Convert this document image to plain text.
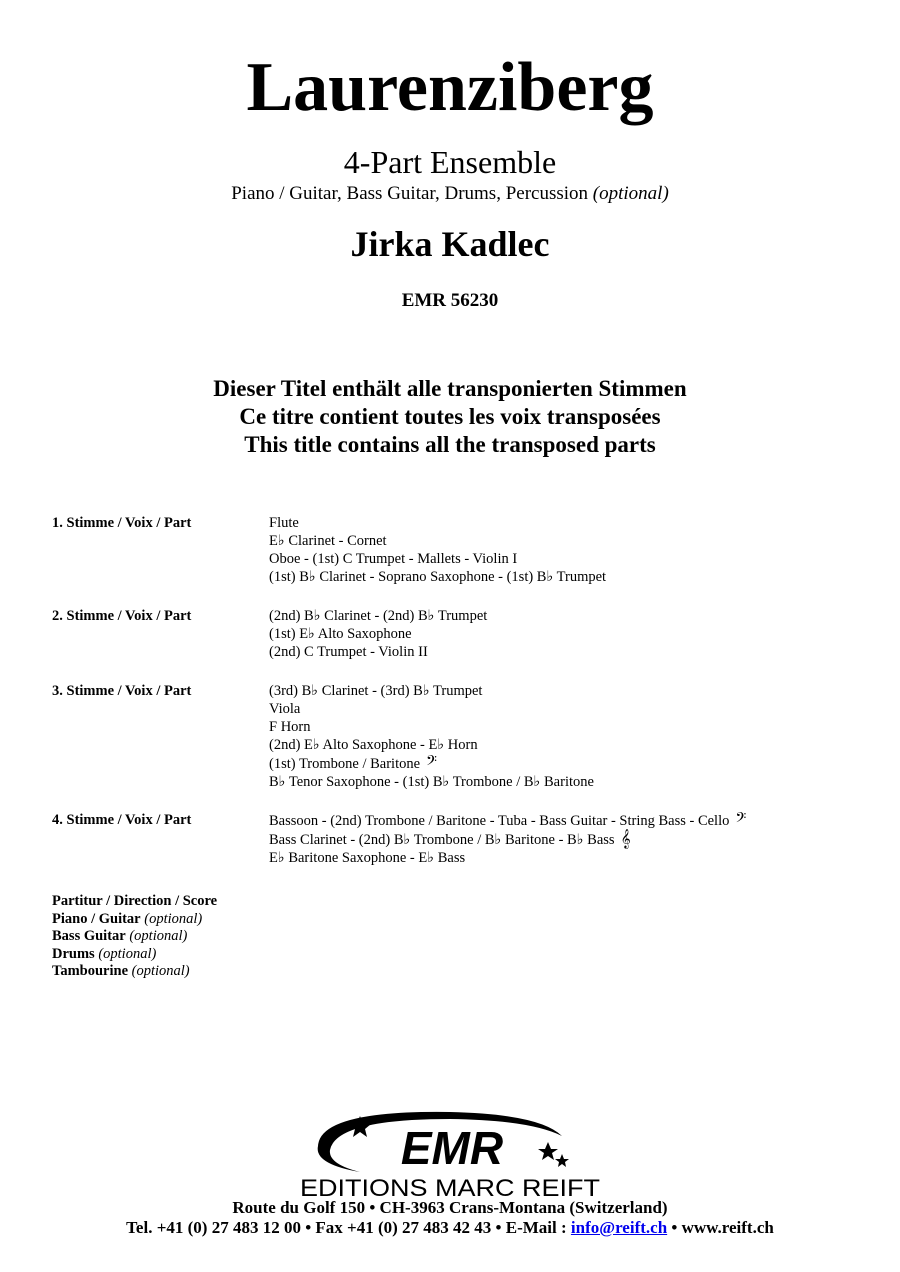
Laurenziberg
4-Part Ensemble
Piano / Guitar, Bass Guitar, Drums, Percussion (optional)
Jirka Kadlec
EMR 56230
Dieser Titel enthält alle transponierten Stimmen
Ce titre contient toutes les voix transposées
This title contains all the transposed parts
1. Stimme / Voix / Part	Flute
E♭ Clarinet - Cornet
Oboe - (1st) C Trumpet - Mallets - Violin I
(1st) B♭ Clarinet - Soprano Saxophone - (1st) B♭ Trumpet
2. Stimme / Voix / Part	(2nd) B♭ Clarinet - (2nd) B♭ Trumpet
(1st) E♭ Alto Saxophone
(2nd) C Trumpet - Violin II
3. Stimme / Voix / Part	(3rd) B♭ Clarinet - (3rd) B♭ Trumpet
Viola
F Horn
(2nd) E♭ Alto Saxophone - E♭ Horn
(1st) Trombone / Baritone 𝄢
B♭ Tenor Saxophone - (1st) B♭ Trombone / B♭ Baritone
4. Stimme / Voix / Part	Bassoon - (2nd) Trombone / Baritone - Tuba - Bass Guitar - String Bass - Cello 𝄢
Bass Clarinet - (2nd) B♭ Trombone / B♭ Baritone - B♭ Bass 𝄞
E♭ Baritone Saxophone - E♭ Bass
Partitur / Direction / Score
Piano / Guitar (optional)
Bass Guitar (optional)
Drums (optional)
Tambourine (optional)
EMR
EDITIONS MARC REIFT
Route du Golf 150 • CH-3963 Crans-Montana (Switzerland)
Tel. +41 (0) 27 483 12 00 • Fax +41 (0) 27 483 42 43 • E-Mail : info@reift.ch • www.reift.ch
